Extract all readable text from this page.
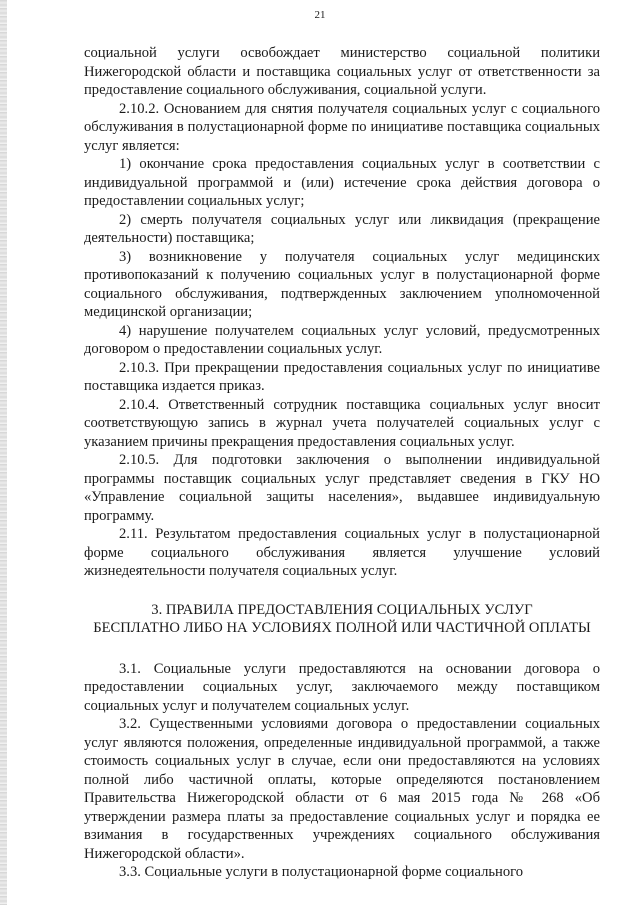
21

социальной услуги освобождает министерство социальной политики Нижегородской области и поставщика социальных услуг от ответственности за предоставление социального обслуживания, социальной услуги.

2.10.2. Основанием для снятия получателя социальных услуг с социального обслуживания в полустационарной форме по инициативе поставщика социальных услуг является:

1) окончание срока предоставления социальных услуг в соответствии с индивидуальной программой и (или) истечение срока действия договора о предоставлении социальных услуг;

2) смерть получателя социальных услуг или ликвидация (прекращение деятельности) поставщика;

3) возникновение у получателя социальных услуг медицинских противопоказаний к получению социальных услуг в полустационарной форме социального обслуживания, подтвержденных заключением уполномоченной медицинской организации;

4) нарушение получателем социальных услуг условий, предусмотренных договором о предоставлении социальных услуг.

2.10.3. При прекращении предоставления социальных услуг по инициативе поставщика издается приказ.

2.10.4. Ответственный сотрудник поставщика социальных услуг вносит соответствующую запись в журнал учета получателей социальных услуг с указанием причины прекращения предоставления социальных услуг.

2.10.5. Для подготовки заключения о выполнении индивидуальной программы поставщик социальных услуг представляет сведения в ГКУ НО «Управление социальной защиты населения», выдавшее индивидуальную программу.

2.11. Результатом предоставления социальных услуг в полустационарной форме социального обслуживания является улучшение условий жизнедеятельности получателя социальных услуг.

3. ПРАВИЛА ПРЕДОСТАВЛЕНИЯ СОЦИАЛЬНЫХ УСЛУГ
БЕСПЛАТНО ЛИБО НА УСЛОВИЯХ ПОЛНОЙ ИЛИ ЧАСТИЧНОЙ ОПЛАТЫ

3.1. Социальные услуги предоставляются на основании договора о предоставлении социальных услуг, заключаемого между поставщиком социальных услуг и получателем социальных услуг.

3.2. Существенными условиями договора о предоставлении социальных услуг являются положения, определенные индивидуальной программой, а также стоимость социальных услуг в случае, если они предоставляются на условиях полной либо частичной оплаты, которые определяются постановлением Правительства Нижегородской области от 6 мая 2015 года № 268 «Об утверждении размера платы за предоставление социальных услуг и порядка ее взимания в государственных учреждениях социального обслуживания Нижегородской области».

3.3. Социальные услуги в полустационарной форме социального
